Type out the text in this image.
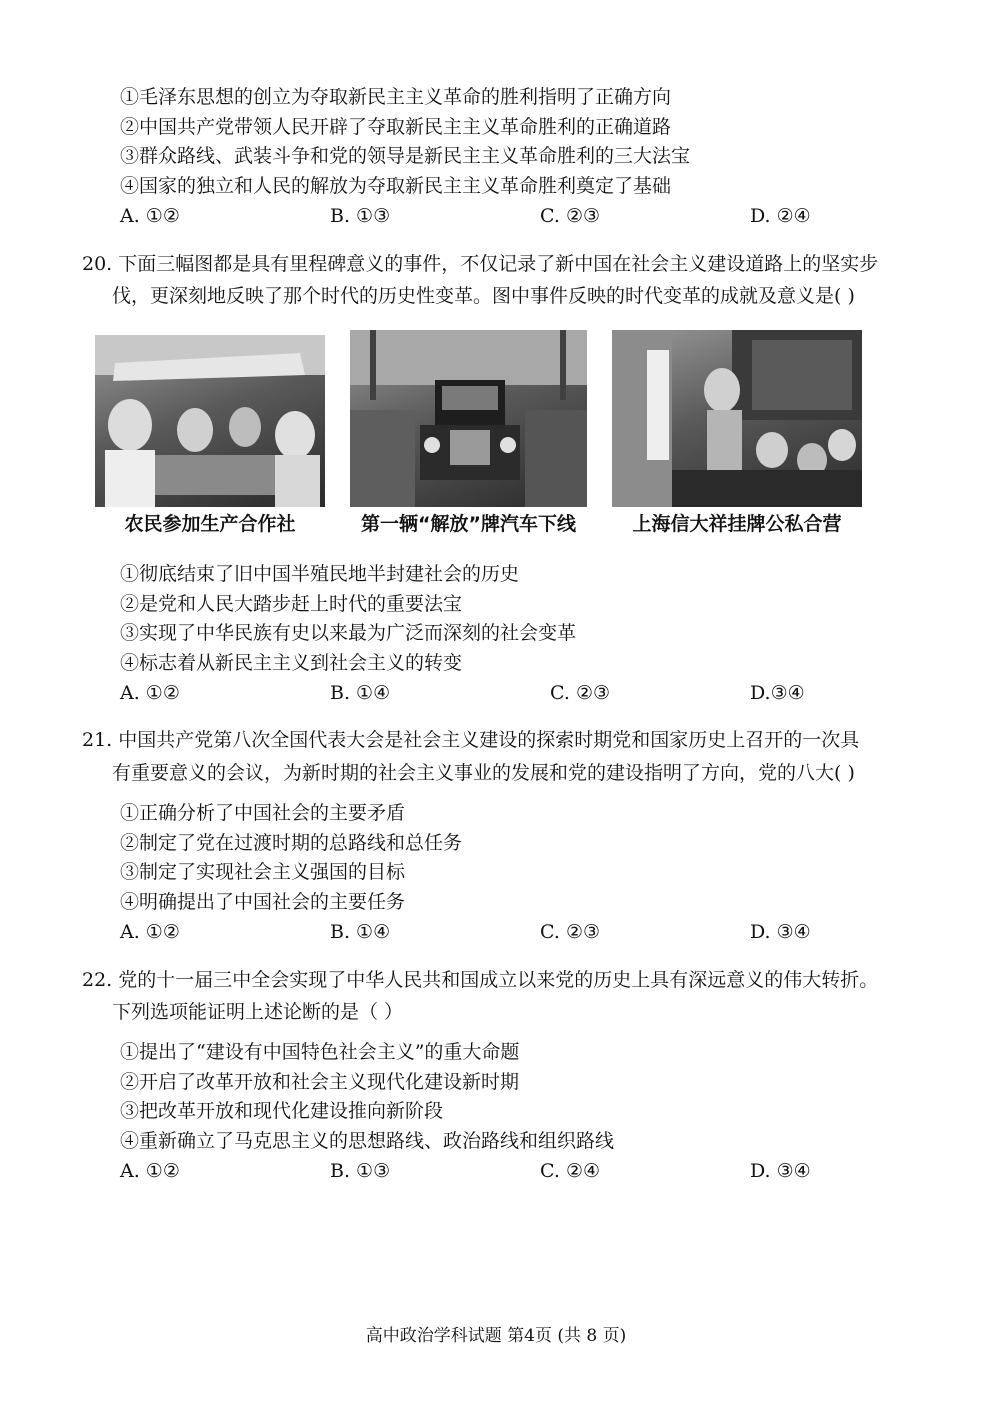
①毛泽东思想的创立为夺取新民主主义革命的胜利指明了正确方向
②中国共产党带领人民开辟了夺取新民主主义革命胜利的正确道路
③群众路线、武装斗争和党的领导是新民主主义革命胜利的三大法宝
④国家的独立和人民的解放为夺取新民主主义革命胜利奠定了基础
A. ①②	B. ①③	C. ②③	D. ②④
20. 下面三幅图都是具有里程碑意义的事件，不仅记录了新中国在社会主义建设道路上的坚实步
伐，更深刻地反映了那个时代的历史性变革。图中事件反映的时代变革的成就及意义是( )
农民参加生产合作社	第一辆“解放”牌汽车下线	上海信大祥挂牌公私合营
①彻底结束了旧中国半殖民地半封建社会的历史
②是党和人民大踏步赶上时代的重要法宝
③实现了中华民族有史以来最为广泛而深刻的社会变革
④标志着从新民主主义到社会主义的转变
A. ①②	B. ①④	C. ②③	D.③④
21. 中国共产党第八次全国代表大会是社会主义建设的探索时期党和国家历史上召开的一次具
有重要意义的会议，为新时期的社会主义事业的发展和党的建设指明了方向，党的八大( )
①正确分析了中国社会的主要矛盾
②制定了党在过渡时期的总路线和总任务
③制定了实现社会主义强国的目标
④明确提出了中国社会的主要任务
A. ①②	B. ①④	C. ②③	D. ③④
22. 党的十一届三中全会实现了中华人民共和国成立以来党的历史上具有深远意义的伟大转折。
下列选项能证明上述论断的是（ ）
①提出了“建设有中国特色社会主义”的重大命题
②开启了改革开放和社会主义现代化建设新时期
③把改革开放和现代化建设推向新阶段
④重新确立了马克思主义的思想路线、政治路线和组织路线
A. ①②	B. ①③	C. ②④	D. ③④
高中政治学科试题 第4页 (共 8 页)
